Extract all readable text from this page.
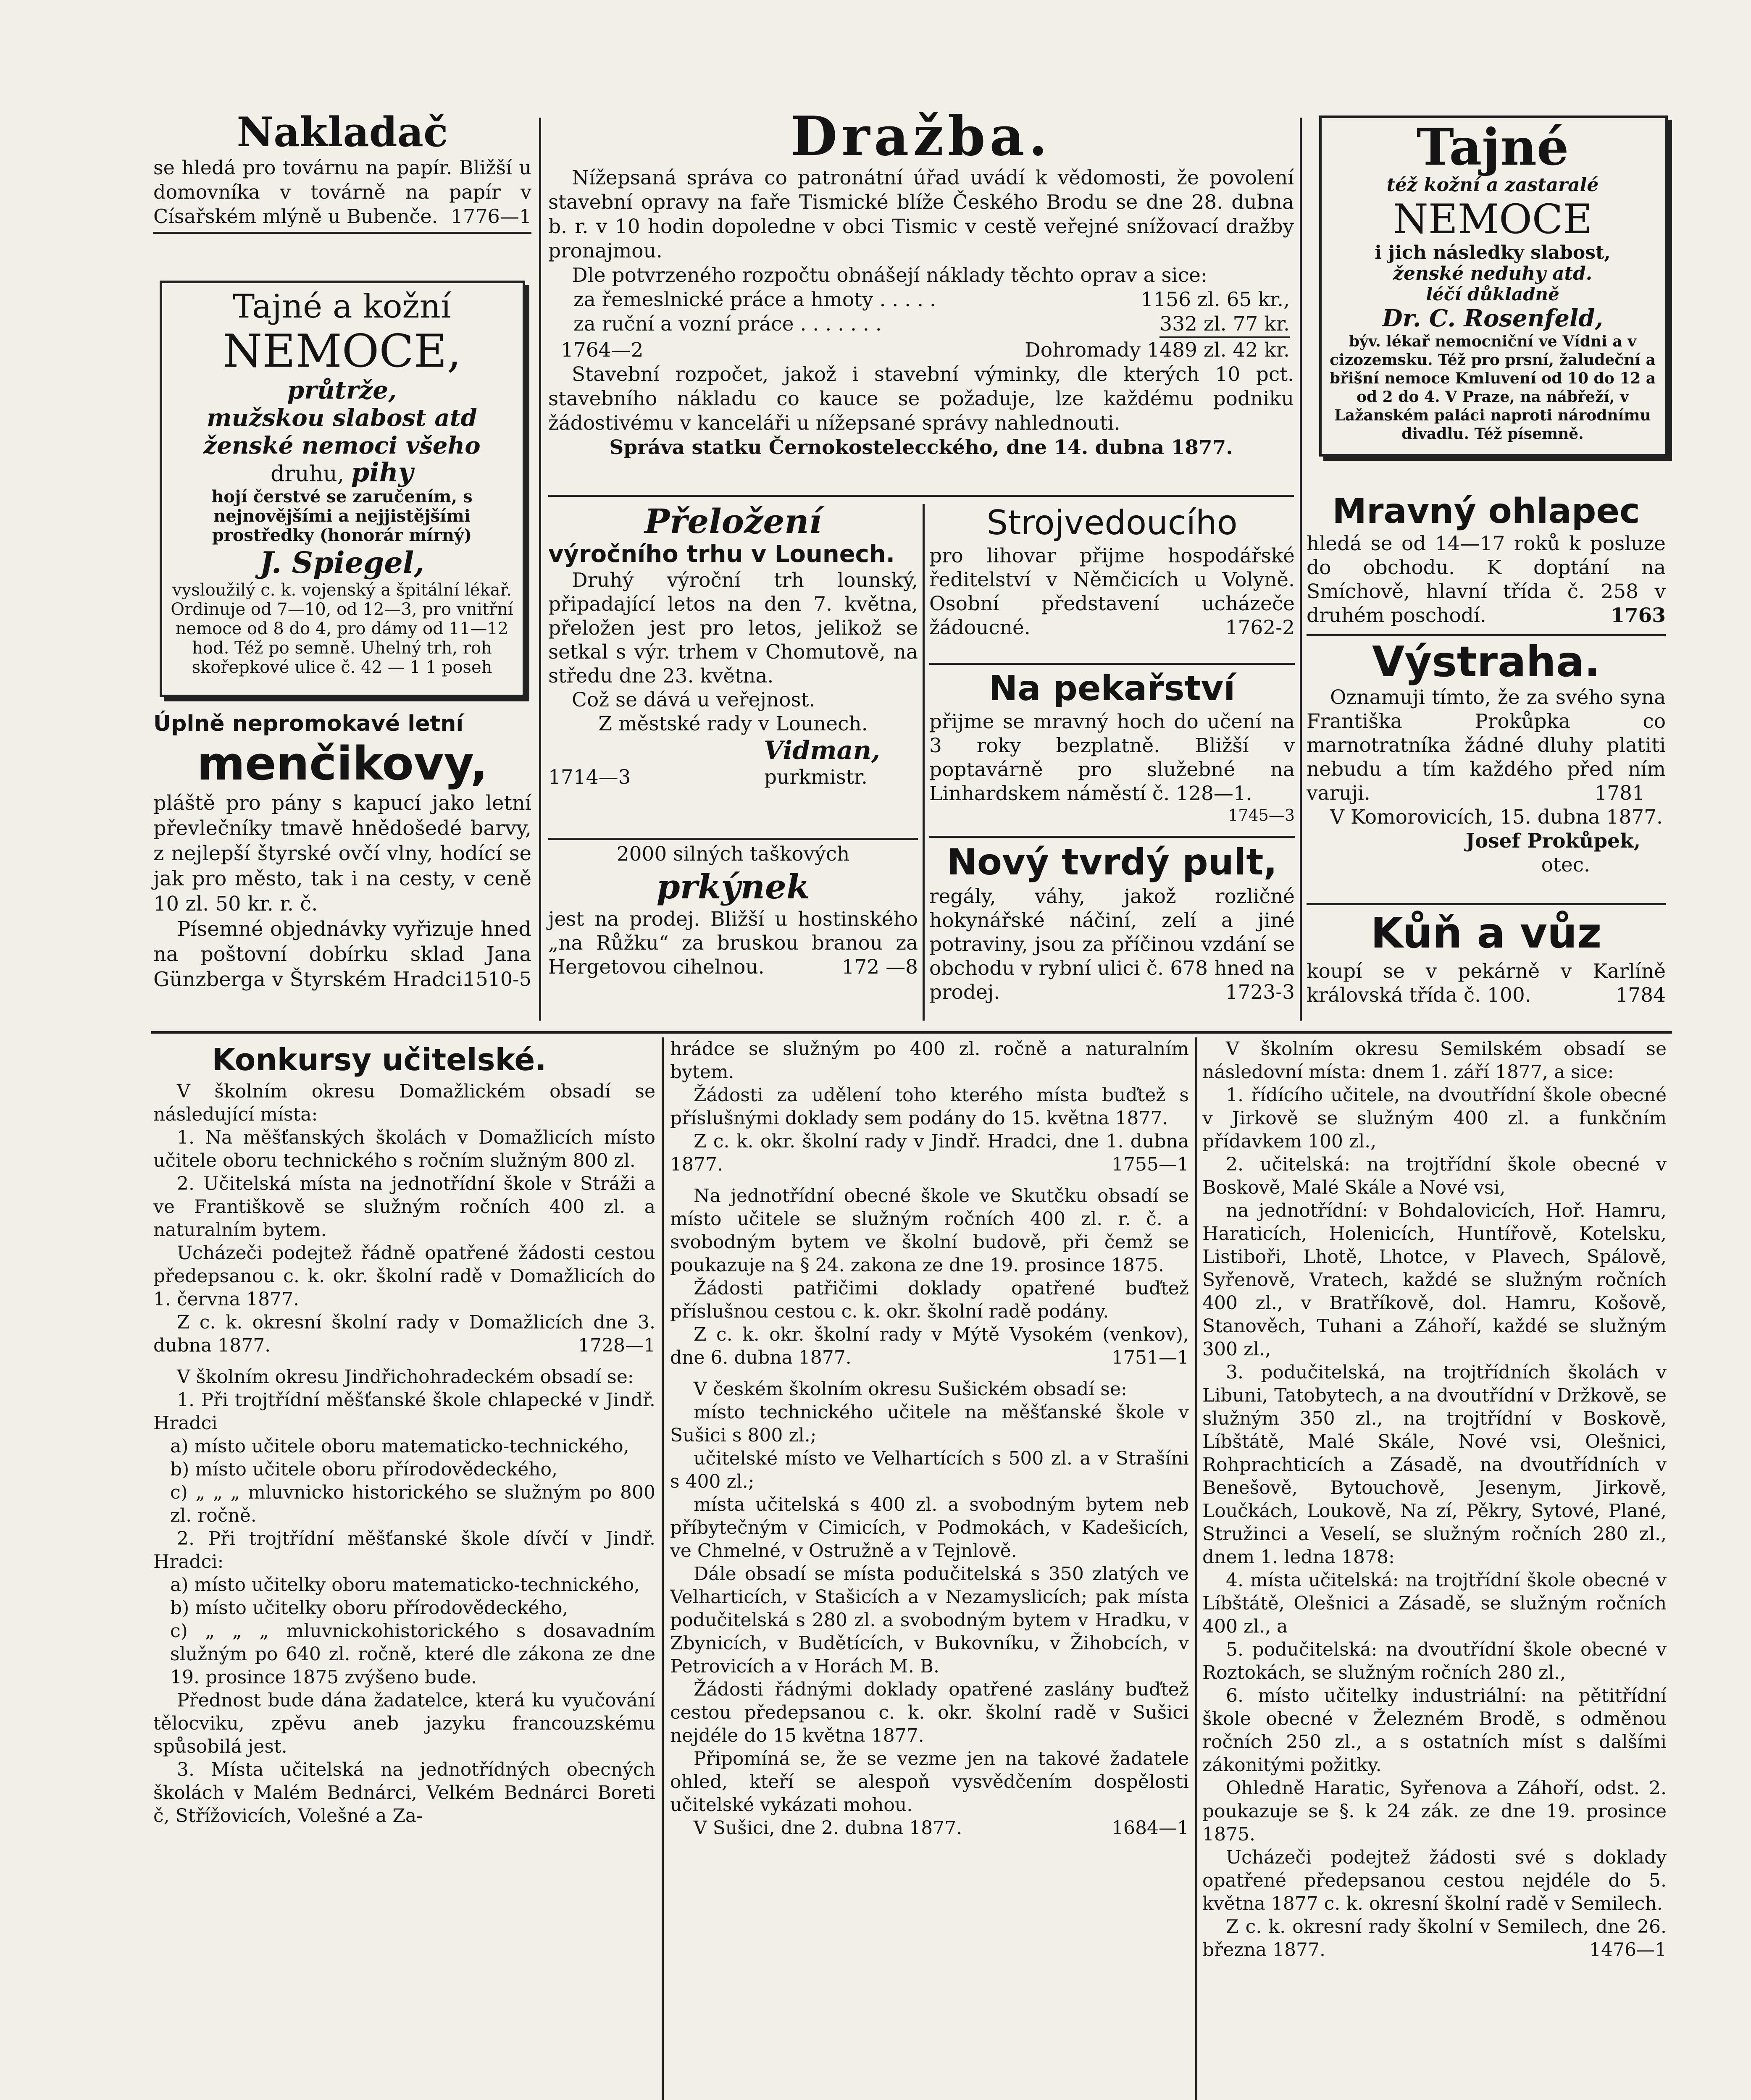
Nakladač

se hledá pro továrnu na papír. Bližší u domovníka v továrně na papír v Císařském mlýně u Bubenče. 1776—1

Tajné a kožní
NEMOCE,
průtrže,
mužskou slabost atd
ženské nemoci všeho
druhu, pihy

hojí čerstvé se zaručením, s nejnovějšími a nejjistějšími prostředky (honorár mírný)

J. Spiegel,

vysloužilý c. k. vojenský a špitální lékař. Ordinuje od 7—10, od 12—3, pro vnitřní nemoce od 8 do 4, pro dámy od 11—12 hod. Též po semně. Uhelný trh, roh skořepkové ulice č. 42 — 1 1 poseh

Úplně nepromokavé letní
menčikovy,

pláště pro pány s kapucí jako letní převlečníky tmavě hnědošedé barvy, z nejlepší štyrské ovčí vlny, hodící se jak pro město, tak i na cesty, v ceně 10 zl. 50 kr. r. č.

Písemné objednávky vyřizuje hned na poštovní dobírku sklad Jana Günzberga v Štyrském Hradci.

1510-5

Dražba.

Nížepsaná správa co patronátní úřad uvádí k vědomosti, že povolení stavební opravy na faře Tismické blíže Českého Brodu se dne 28. dubna b. r. v 10 hodin dopoledne v obci Tismic v cestě veřejné snížovací dražby pronajmou.

Dle potvrzeného rozpočtu obnášejí náklady těchto oprav a sice:

za řemeslnické práce a hmoty . . . . .	1156 zl. 65 kr.,
za ruční a vozní práce . . . . . . .	332 zl. 77 kr.
1764—2	Dohromady 1489 zl. 42 kr.

Stavební rozpočet, jakož i stavební výminky, dle kterých 10 pct. stavebního nákladu co kauce se požaduje, lze každému podniku žádostivému v kanceláři u nížepsané správy nahlednouti.

Správa statku Černokostelecckého, dne 14. dubna 1877.

Přeložení
výročního trhu v Lounech.

Druhý výroční trh lounský, připadající letos na den 7. května, přeložen jest pro letos, jelikož se setkal s výr. trhem v Chomutově, na středu dne 23. května.

Což se dává u veřejnost.

Z městské rady v Lounech.

Vidman,
1714—3	purkmistr.
2000 silných taškových
prkýnek

jest na prodej. Bližší u hostinského „na Růžku“ za bruskou branou za Hergetovou cihelnou.	172 —8

Strojvedoucího

pro lihovar přijme hospodářské ředitelství v Němčicích u Volyně. Osobní představení ucházeče žádoucné.	1762-2

Na pekařství

přijme se mravný hoch do učení na 3 roky bezplatně. Bližší v poptavárně pro služebné na Linhardskem náměstí č. 128—1.

1745—3

Nový tvrdý pult,

regály, váhy, jakož rozličné hokynářské náčiní, zelí a jiné potraviny, jsou za příčinou vzdání se obchodu v rybní ulici č. 678 hned na prodej.	1723-3

Tajné
též kožní a zastaralé
NEMOCE
i jich následky slabost,
ženské neduhy atd.
léčí důkladně
Dr. C. Rosenfeld,

býv. lékař nemocniční ve Vídni a v cizozemsku. Též pro prsní, žaludeční a břišní nemoce Kmluvení od 10 do 12 a od 2 do 4. V Praze, na nábřeží, v Lažanském paláci naproti národnímu divadlu. Též písemně.

Mravný ohlapec

hledá se od 14—17 roků k posluze do obchodu. K doptání na Smíchově, hlavní třída č. 258 v druhém poschodí.	1763

Výstraha.

Oznamuji tímto, že za svého syna Františka Prokůpka co marnotratníka žádné dluhy platiti nebudu a tím každého před ním varuji.	1781

V Komorovicích, 15. dubna 1877.

Josef Prokůpek,

otec.

Kůň a vůz

koupí se v pekárně v Karlíně královská třída č. 100.	1784

Konkursy učitelské.

V školním okresu Domažlickém obsadí se následující místa:

1. Na měšťanských školách v Domažlicích místo učitele oboru technického s ročním služným 800 zl.

2. Učitelská místa na jednotřídní škole v Stráži a ve Františkově se služným ročních 400 zl. a naturalním bytem.

Ucházeči podejtež řádně opatřené žádosti cestou předepsanou c. k. okr. školní radě v Domažlicích do 1. června 1877.

Z c. k. okresní školní rady v Domažlicích dne 3. dubna 1877.	1728—1

V školním okresu Jindřichohradeckém obsadí se:

1. Při trojtřídní měšťanské škole chlapecké v Jindř. Hradci

a) místo učitele oboru matematicko-technického,

b) místo učitele oboru přírodovědeckého,

c) „ „ „ mluvnicko historického se služným po 800 zl. ročně.

2. Při trojtřídní měšťanské škole dívčí v Jindř. Hradci:

a) místo učitelky oboru matematicko-technického,

b) místo učitelky oboru přírodovědeckého,

c) „ „ „ mluvnickohistorického s dosavadním služným po 640 zl. ročně, které dle zákona ze dne 19. prosince 1875 zvýšeno bude.

Přednost bude dána žadatelce, která ku vyučování tělocviku, zpěvu aneb jazyku francouzskému spůsobilá jest.

3. Místa učitelská na jednotřídných obecných školách v Malém Bednárci, Velkém Bednárci Boreti č, Střížovicích, Volešné a Za-

hrádce se služným po 400 zl. ročně a naturalním bytem.

Žádosti za udělení toho kterého místa buďtež s příslušnými doklady sem podány do 15. května 1877.

Z c. k. okr. školní rady v Jindř. Hradci, dne 1. dubna 1877.	1755—1

Na jednotřídní obecné škole ve Skutčku obsadí se místo učitele se služným ročních 400 zl. r. č. a svobodným bytem ve školní budově, při čemž se poukazuje na § 24. zakona ze dne 19. prosince 1875.

Žádosti patřičimi doklady opatřené buďtež příslušnou cestou c. k. okr. školní radě podány.

Z c. k. okr. školní rady v Mýtě Vysokém (venkov), dne 6. dubna 1877.	1751—1

V českém školním okresu Sušickém obsadí se:

místo technického učitele na měšťanské škole v Sušici s 800 zl.;

učitelské místo ve Velhartících s 500 zl. a v Strašíni s 400 zl.;

místa učitelská s 400 zl. a svobodným bytem neb příbytečným v Cimicích, v Podmokách, v Kadešicích, ve Chmelné, v Ostružně a v Tejnlově.

Dále obsadí se místa podučitelská s 350 zlatých ve Velharticích, v Stašicích a v Nezamyslicích; pak místa podučitelská s 280 zl. a svobodným bytem v Hradku, v Zbynicích, v Budětících, v Bukovníku, v Žihobcích, v Petrovicích a v Horách M. B.

Žádosti řádnými doklady opatřené zaslány buďtež cestou předepsanou c. k. okr. školní radě v Sušici nejdéle do 15 května 1877.

Připomíná se, že se vezme jen na takové žadatele ohled, kteří se alespoň vysvědčením dospělosti učitelské vykázati mohou.

V Sušici, dne 2. dubna 1877.	1684—1

V školním okresu Semilském obsadí se následovní místa: dnem 1. září 1877, a sice:

1. řídícího učitele, na dvoutřídní škole obecné v Jirkově se služným 400 zl. a funkčním přídavkem 100 zl.,

2. učitelská: na trojtřídní škole obecné v Boskově, Malé Skále a Nové vsi,

na jednotřídní: v Bohdalovicích, Hoř. Hamru, Haraticích, Holenicích, Huntířově, Kotelsku, Listiboři, Lhotě, Lhotce, v Plavech, Spálově, Syřenově, Vratech, každé se služným ročních 400 zl., v Bratříkově, dol. Hamru, Košově, Stanověch, Tuhani a Záhoří, každé se služným 300 zl.,

3. podučitelská, na trojtřídních školách v Libuni, Tatobytech, a na dvoutřídní v Držkově, se služným 350 zl., na trojtřídní v Boskově, Líbštátě, Malé Skále, Nové vsi, Olešnici, Rohprachticích a Zásadě, na dvoutřídních v Benešově, Bytouchově, Jesenym, Jirkově, Loučkách, Loukově, Na zí, Pěkry, Sytové, Plané, Stružinci a Veselí, se služným ročních 280 zl., dnem 1. ledna 1878:

4. místa učitelská: na trojtřídní škole obecné v Líbštátě, Olešnici a Zásadě, se služným ročních 400 zl., a

5. podučitelská: na dvoutřídní škole obecné v Roztokách, se služným ročních 280 zl.,

6. místo učitelky industriální: na pětitřídní škole obecné v Železném Brodě, s odměnou ročních 250 zl., a s ostatních míst s dalšími zákonitými požitky.

Ohledně Haratic, Syřenova a Záhoří, odst. 2. poukazuje se §. k 24 zák. ze dne 19. prosince 1875.

Ucházeči podejtež žádosti své s doklady opatřené předepsanou cestou nejdéle do 5. května 1877 c. k. okresní školní radě v Semilech.

Z c. k. okresní rady školní v Semilech, dne 26. března 1877.	1476—1
